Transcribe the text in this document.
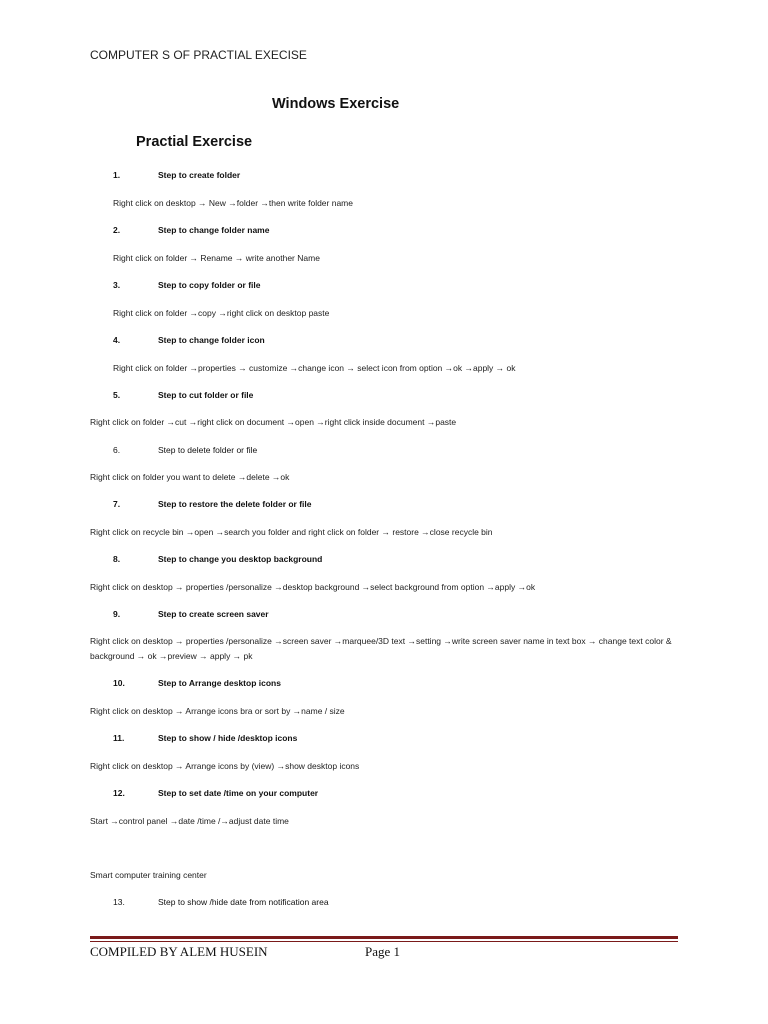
COMPUTER S OF PRACTIAL EXECISE
Windows Exercise
Practial Exercise
1.	Step to create folder
Right click on desktop → New →folder →then write folder name
2.	Step to change folder name
Right click on folder → Rename → write another Name
3.	Step to copy folder or file
Right click on folder →copy →right click on desktop paste
4.	Step to change folder icon
Right click on folder →properties → customize →change icon → select icon from option →ok →apply → ok
5.	Step to cut folder or file
Right click on folder →cut →right click on document →open →right click inside document →paste
6.	Step to delete folder or file
Right click on folder you want to delete →delete →ok
7.	Step to restore the delete folder or file
Right click on recycle bin →open →search you folder and right click on folder → restore →close recycle bin
8.	Step to change you desktop background
Right click on desktop → properties /personalize →desktop background →select background from option →apply →ok
9.	Step to create screen saver
Right click on desktop → properties /personalize →screen saver →marquee/3D text →setting →write screen saver name in text box → change text color & background → ok →preview → apply → pk
10.	Step to Arrange desktop icons
Right click on desktop → Arrange icons bra or sort by →name / size
11.	Step to show / hide /desktop icons
Right click on desktop → Arrange icons by (view) →show desktop icons
12.	Step to set date /time on your computer
Start →control panel →date /time /→adjust date time
Smart computer training center
13.	Step to show /hide date from notification area
COMPILED BY ALEM HUSEIN	Page 1
